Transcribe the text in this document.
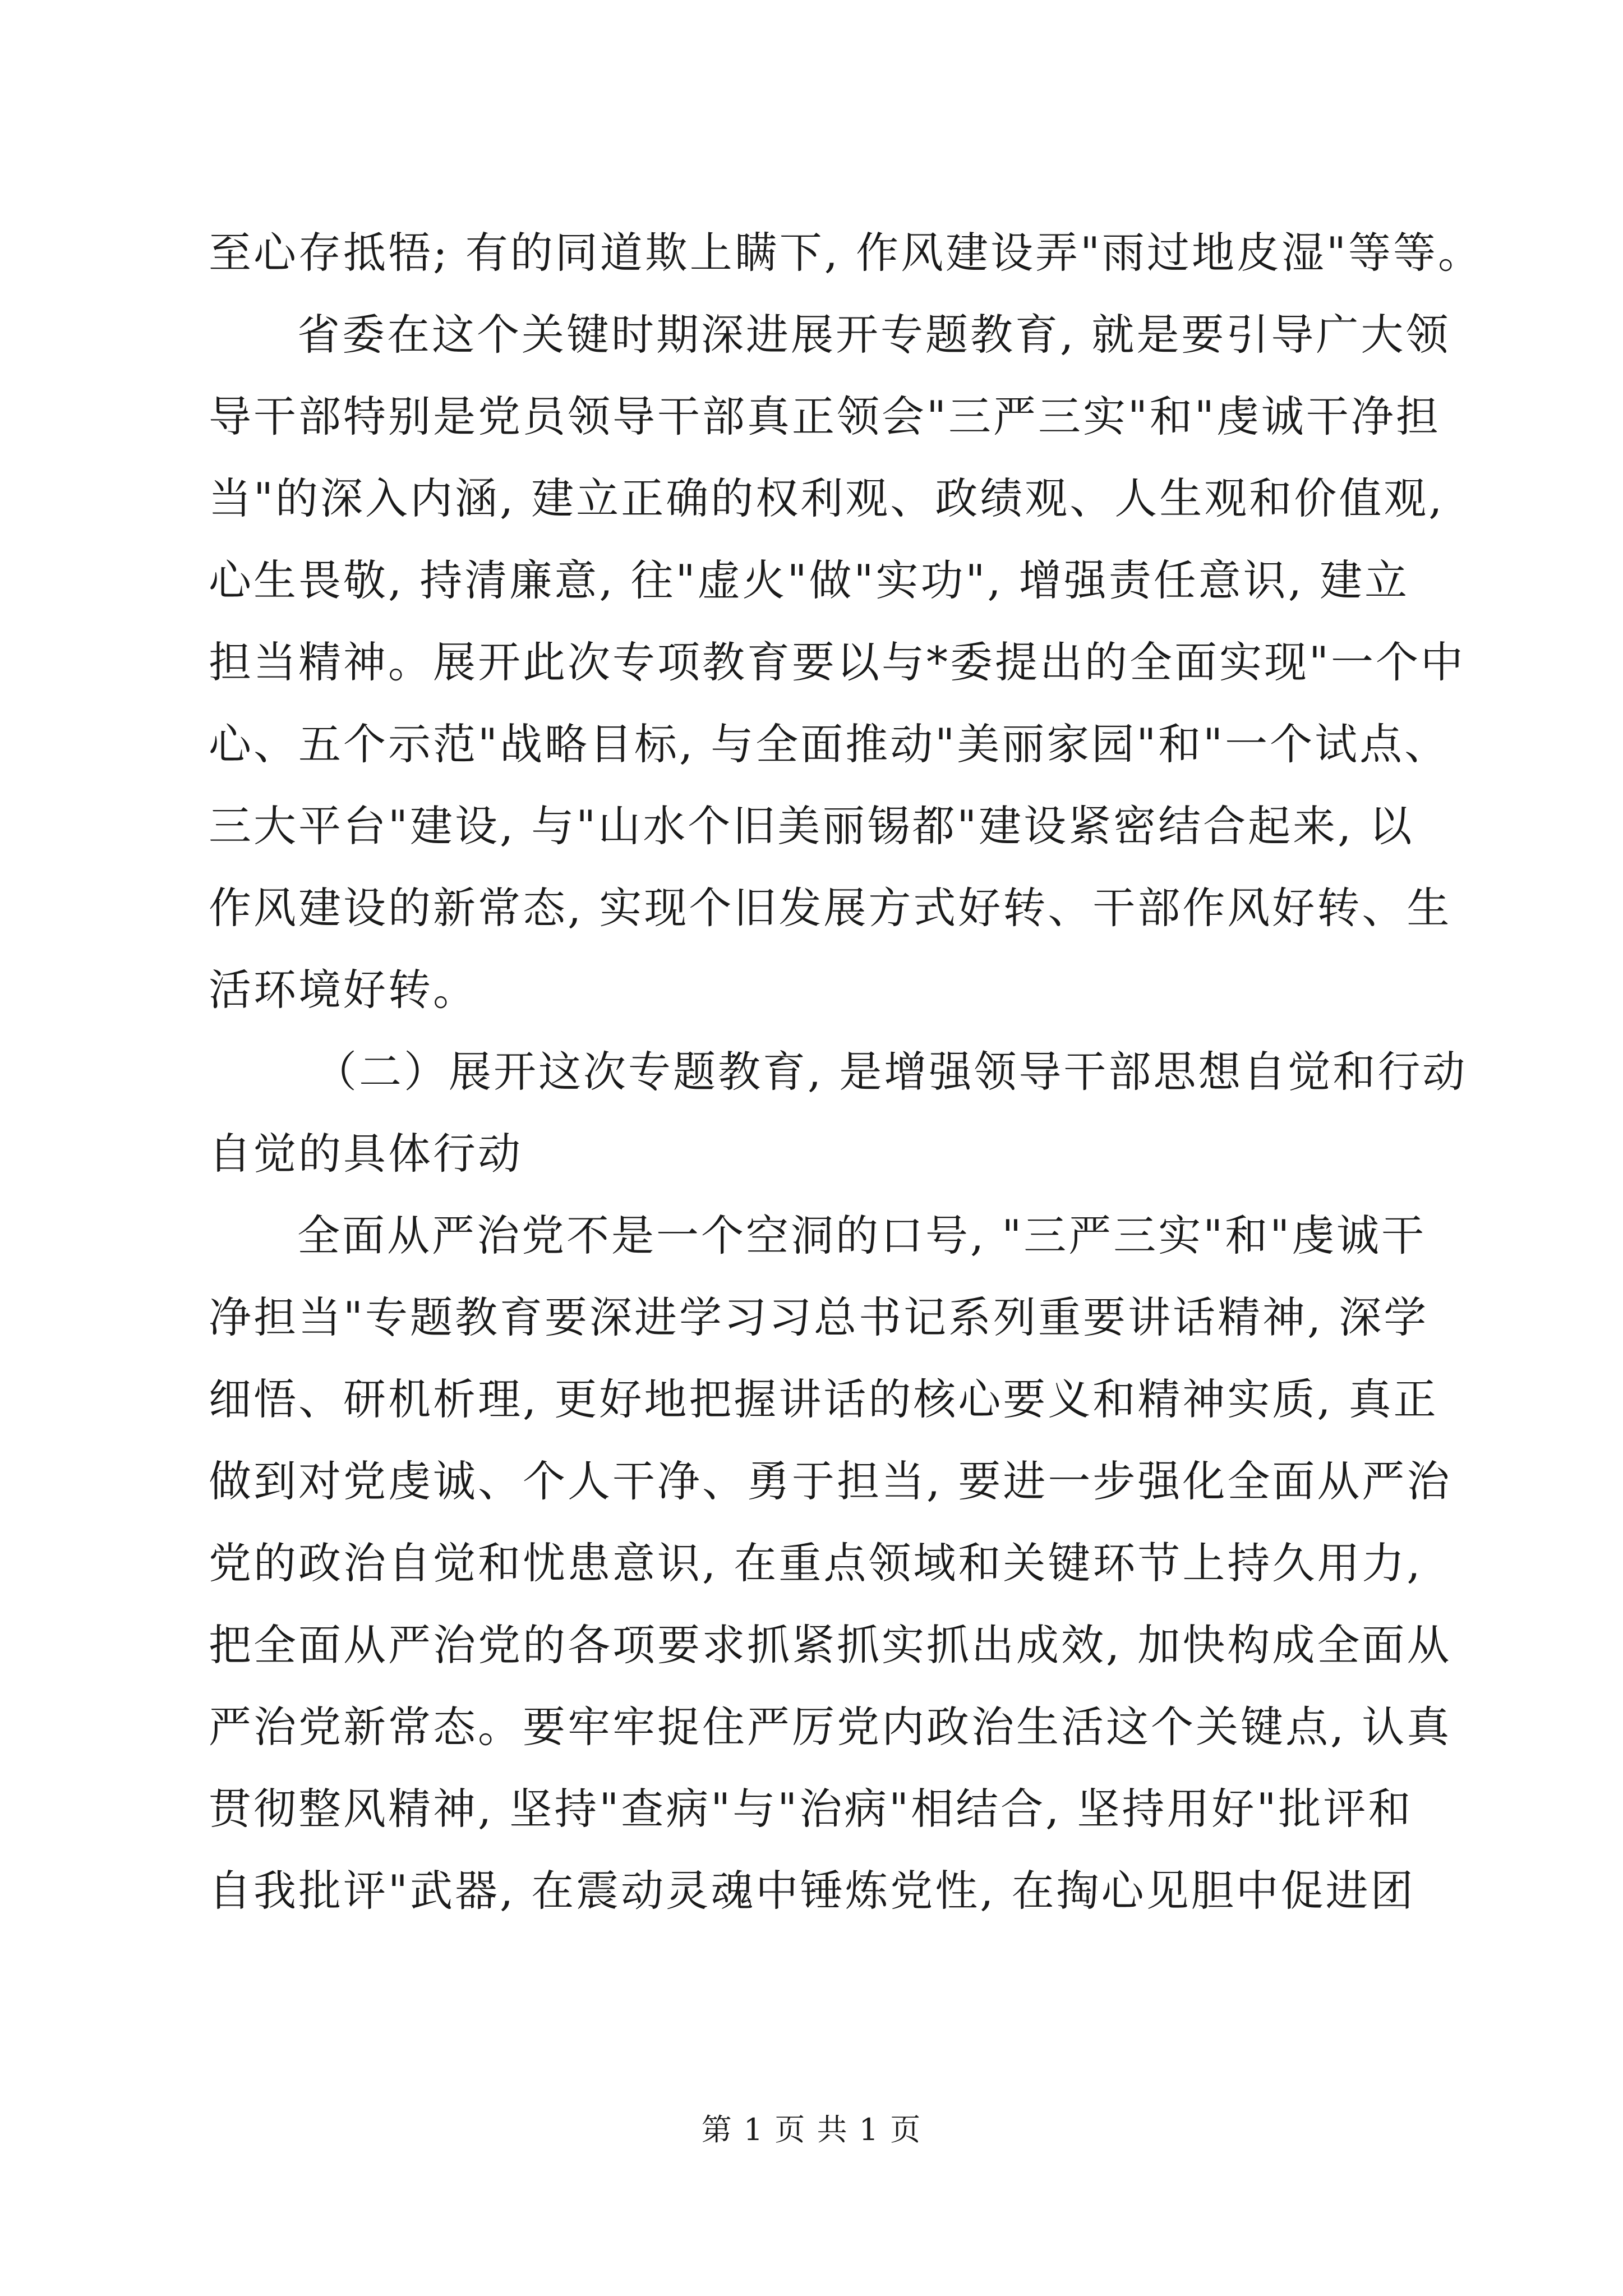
至心存抵牾; 有的同道欺上瞒下, 作风建设弄"雨过地皮湿"等等。
省委在这个关键时期深进展开专题教育, 就是要引导广大领
导干部特别是党员领导干部真正领会"三严三实"和"虔诚干净担
当"的深入内涵, 建立正确的权利观、政绩观、人生观和价值观,
心生畏敬, 持清廉意, 往"虚火"做"实功", 增强责任意识, 建立
担当精神。展开此次专项教育要以与*委提出的全面实现"一个中
心、五个示范"战略目标, 与全面推动"美丽家园"和"一个试点、
三大平台"建设, 与"山水个旧美丽锡都"建设紧密结合起来, 以
作风建设的新常态, 实现个旧发展方式好转、干部作风好转、生
活环境好转。
（二）展开这次专题教育, 是增强领导干部思想自觉和行动
自觉的具体行动
全面从严治党不是一个空洞的口号, "三严三实"和"虔诚干
净担当"专题教育要深进学习习总书记系列重要讲话精神, 深学
细悟、研机析理, 更好地把握讲话的核心要义和精神实质, 真正
做到对党虔诚、个人干净、勇于担当, 要进一步强化全面从严治
党的政治自觉和忧患意识, 在重点领域和关键环节上持久用力,
把全面从严治党的各项要求抓紧抓实抓出成效, 加快构成全面从
严治党新常态。要牢牢捉住严厉党内政治生活这个关键点, 认真
贯彻整风精神, 坚持"查病"与"治病"相结合, 坚持用好"批评和
自我批评"武器, 在震动灵魂中锤炼党性, 在掏心见胆中促进团
第 1 页 共 1 页
